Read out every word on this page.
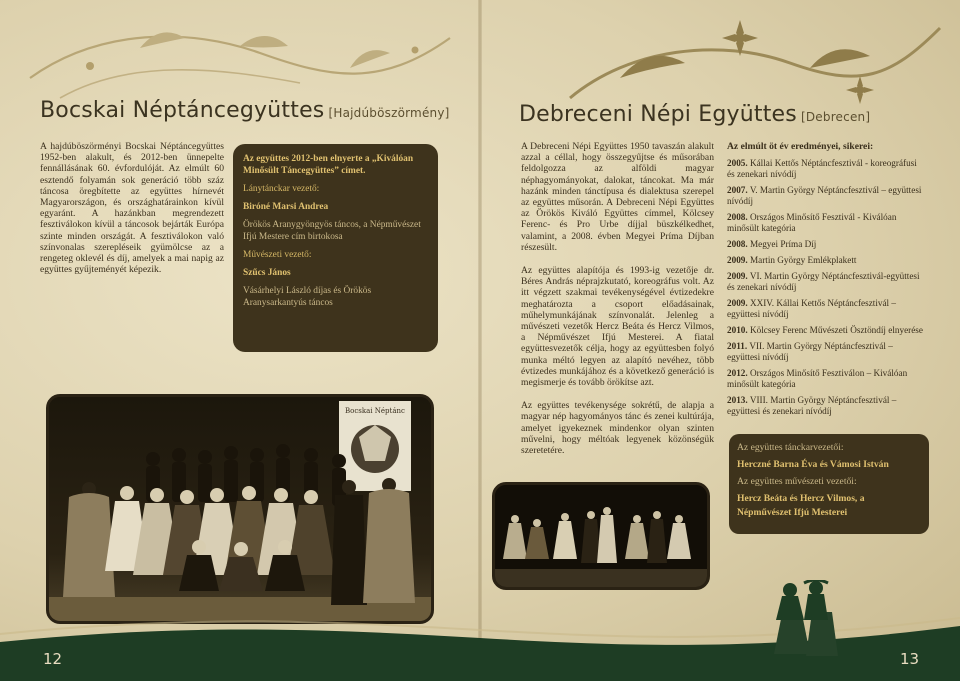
Bocskai Néptáncegyüttes [Hajdúböszörmény]

A hajdúböszörményi Bocskai Néptáncegyüttes 1952-ben alakult, és 2012-ben ünnepelte fennállásának 60. évfordulóját. Az elmúlt 60 esztendő folyamán sok generáció több száz táncosa öregbítette az együttes hírnevét Magyarországon, és országhatárainkon kívül egyaránt. A hazánkban megrendezett fesztiválokon kívül a táncosok bejárták Európa szinte minden országát. A fesztiválokon való színvonalas szerepléseik gyümölcse az a rengeteg oklevél és díj, amelyek a mai napig az együttes gyűjteményét képezik.

Az együttes 2012-ben elnyerte a „Kiválóan Minősült Táncegyüttes” címet.
Lánytánckar vezető:
Biróné Marsi Andrea
Örökös Aranygyöngyös táncos, a Népművészet Ifjú Mestere cím birtokosa
Művészeti vezető:
Szűcs János
Vásárhelyi László díjas és Örökös Aranysarkantyús táncos
Bocskai Néptánc
Debreceni Népi Együttes [Debrecen]

A Debreceni Népi Együttes 1950 tavaszán alakult azzal a céllal, hogy összegyűjtse és műsorában feldolgozza az alföldi magyar néphagyományokat, dalokat, táncokat. Ma már hazánk minden tánctípusa és dialektusa szerepel az együttes műsorán. A Debreceni Népi Együttes az Örökös Kiváló Együttes címmel, Kölcsey Ferenc- és Pro Urbe díjjal büszkélkedhet, valamint, a 2008. évben Megyei Príma Díjban részesült.

Az együttes alapítója és 1993-ig vezetője dr. Béres András néprajzkutató, koreográfus volt. Az itt végzett szakmai tevékenységével évtizedekre meghatározta a csoport előadásainak, műhelymunkájának színvonalát. Jelenleg a művészeti vezetők Hercz Beáta és Hercz Vilmos, a Népművészet Ifjú Mesterei. A fiatal együttesvezetők célja, hogy az együttesben folyó munka méltó legyen az alapító nevéhez, több évtizedes munkájához és a következő generáció is megismerje és tovább örökítse azt.

Az együttes tevékenysége sokrétű, de alapja a magyar nép hagyományos tánc és zenei kultúrája, amelyet igyekeznek mindenkor olyan szinten művelni, hogy méltóak legyenek közönségük szeretetére.

Az elmúlt öt év eredményei, sikerei:
2005. Kállai Kettős Néptáncfesztivál - koreográfusi és zenekari nívódíj
2007. V. Martin György Néptáncfesztivál – együttesi nívódíj
2008. Országos Minősítő Fesztivál - Kiválóan minősült kategória
2008. Megyei Príma Díj
2009. Martin György Emlékplakett
2009. VI. Martin György Néptáncfesztivál-együttesi és zenekari nívódíj
2009. XXIV. Kállai Kettős Néptáncfesztivál – együttesi nívódíj
2010. Kölcsey Ferenc Művészeti Ösztöndíj elnyerése
2011. VII. Martin György Néptáncfesztivál – együttesi nívódíj
2012. Országos Minősítő Fesztiválon – Kiválóan minősült kategória
2013. VIII. Martin György Néptáncfesztivál – együttesi és zenekari nívódíj
Az együttes tánckarvezetői:
Herczné Barna Éva és Vámosi István
Az együttes művészeti vezetői:
Hercz Beáta és Hercz Vilmos, a
Népművészet Ifjú Mesterei
12	13
